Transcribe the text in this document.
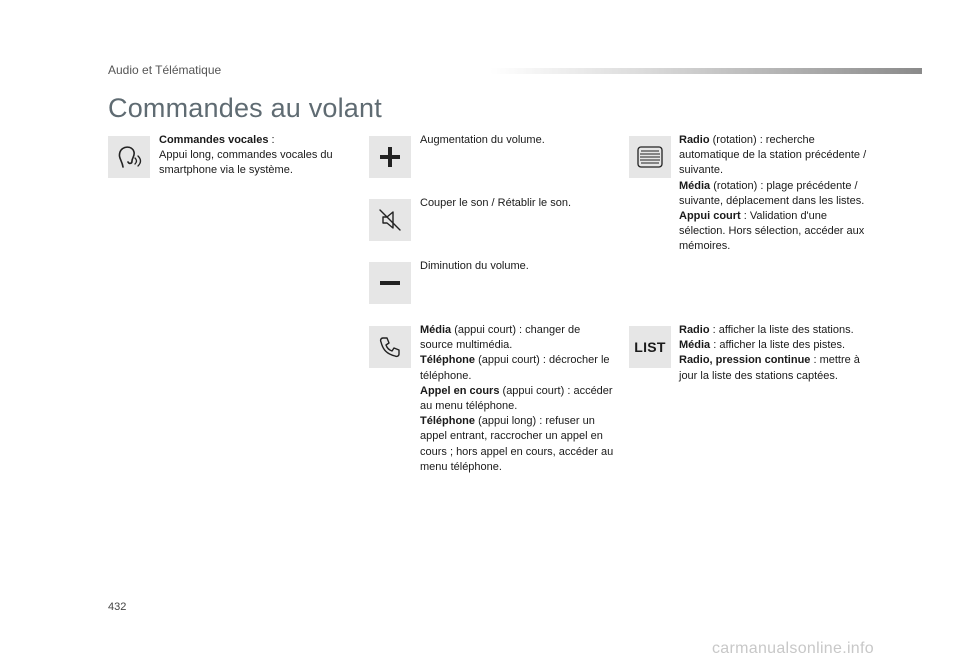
Audio et Télématique
Commandes au volant
Commandes vocales :
Appui long, commandes vocales du smartphone via le système.
Augmentation du volume.
Couper le son / Rétablir le son.
Diminution du volume.
Média (appui court) : changer de source multimédia.
Téléphone (appui court) : décrocher le téléphone.
Appel en cours (appui court) : accéder au menu téléphone.
Téléphone (appui long) : refuser un appel entrant, raccrocher un appel en cours ; hors appel en cours, accéder au menu téléphone.
Radio (rotation) : recherche automatique de la station précédente / suivante.
Média (rotation) : plage précédente / suivante, déplacement dans les listes.
Appui court : Validation d'une sélection. Hors sélection, accéder aux mémoires.
LIST
Radio : afficher la liste des stations.
Média : afficher la liste des pistes.
Radio, pression continue : mettre à jour la liste des stations captées.
432
carmanualsonline.info
